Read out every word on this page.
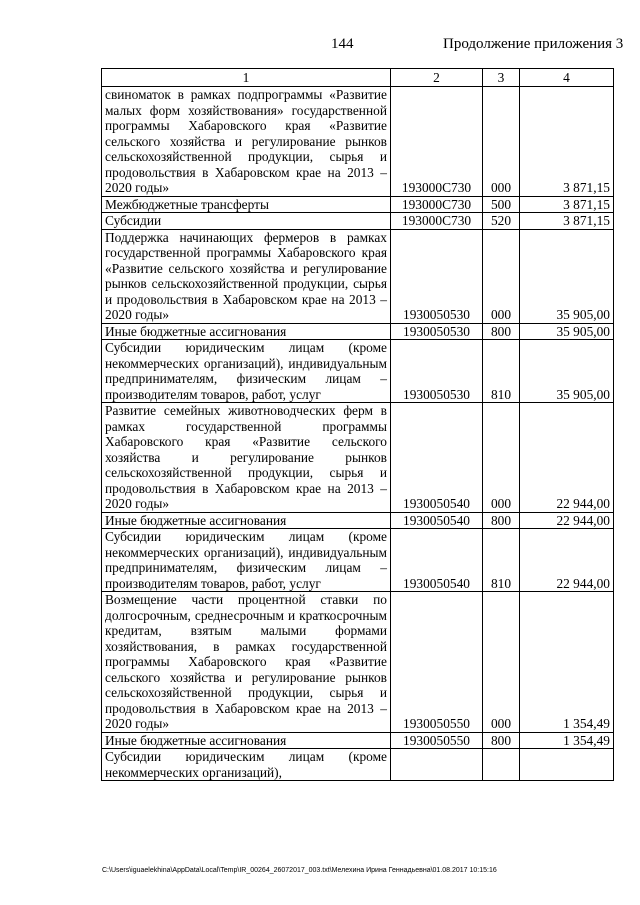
144	Продолжение приложения 3
1	2	3	4
свиноматок в рамках подпрограммы «Развитие малых форм хозяйствования» государственной программы Хабаровского края «Развитие сельского хозяйства и регулирование рынков сельскохозяйственной продукции, сырья и продовольствия в Хабаровском крае на 2013 – 2020 годы»	193000С730	000	3 871,15
Межбюджетные трансферты	193000С730	500	3 871,15
Субсидии	193000С730	520	3 871,15
Поддержка начинающих фермеров в рамках государственной программы Хабаровского края «Развитие сельского хозяйства и регулирование рынков сельскохозяйственной продукции, сырья и продовольствия в Хабаровском крае на 2013 – 2020 годы»	1930050530	000	35 905,00
Иные бюджетные ассигнования	1930050530	800	35 905,00
Субсидии юридическим лицам (кроме некоммерческих организаций), индивидуальным предпринимателям, физическим лицам – производителям товаров, работ, услуг	1930050530	810	35 905,00
Развитие семейных животноводческих ферм в рамках государственной программы Хабаровского края «Развитие сельского хозяйства и регулирование рынков сельскохозяйственной продукции, сырья и продовольствия в Хабаровском крае на 2013 – 2020 годы»	1930050540	000	22 944,00
Иные бюджетные ассигнования	1930050540	800	22 944,00
Субсидии юридическим лицам (кроме некоммерческих организаций), индивидуальным предпринимателям, физическим лицам – производителям товаров, работ, услуг	1930050540	810	22 944,00
Возмещение части процентной ставки по долгосрочным, среднесрочным и краткосрочным кредитам, взятым малыми формами хозяйствования, в рамках государственной программы Хабаровского края «Развитие сельского хозяйства и регулирование рынков сельскохозяйственной продукции, сырья и продовольствия в Хабаровском крае на 2013 – 2020 годы»	1930050550	000	1 354,49
Иные бюджетные ассигнования	1930050550	800	1 354,49
Субсидии юридическим лицам (кроме некоммерческих организаций),			
C:\Users\iguaelekhina\AppData\Local\Temp\IR_00264_26072017_003.txt\Мелехина Ирина Геннадьевна\01.08.2017 10:15:16
